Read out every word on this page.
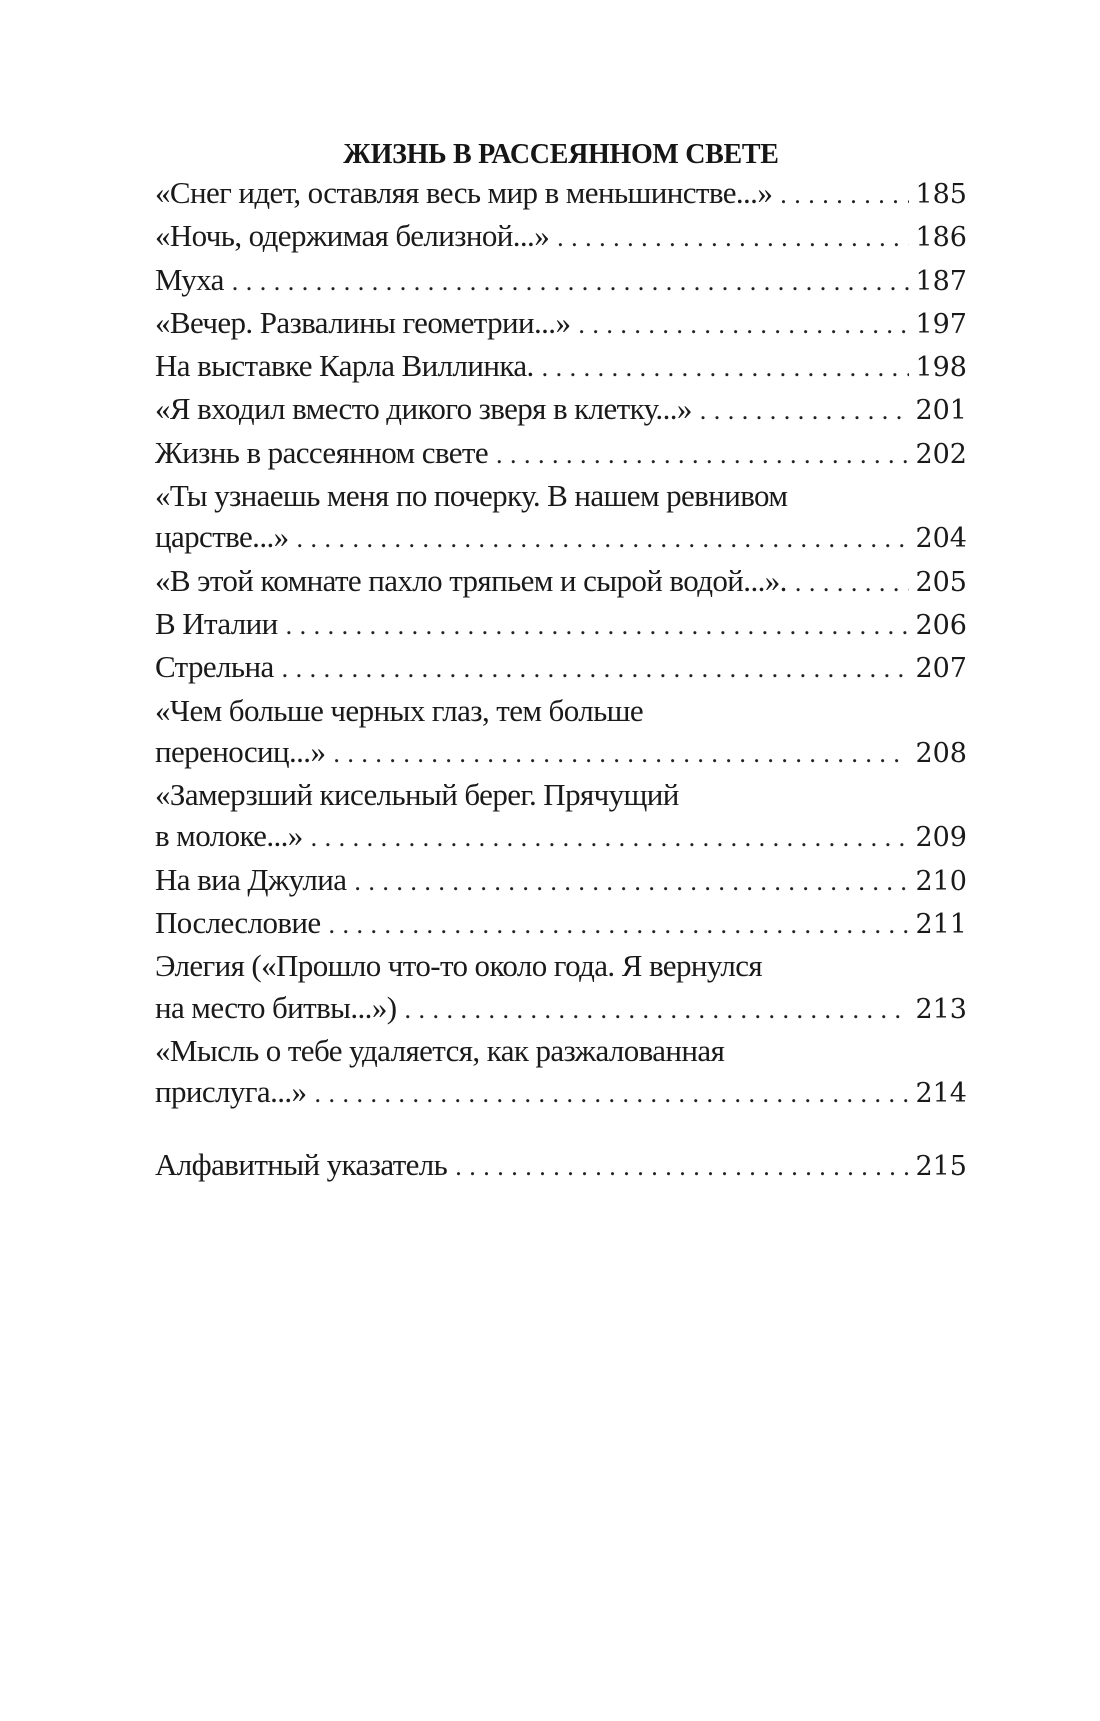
ЖИЗНЬ В РАССЕЯННОМ СВЕТЕ
«Снег идет, оставляя весь мир в меньшинстве...» . . .	185
«Ночь, одержимая белизной...» . . .	186
Муха . . .	187
«Вечер. Развалины геометрии...» . . .	197
На выставке Карла Виллинка. . . .	198
«Я входил вместо дикого зверя в клетку...» . . .	201
Жизнь в рассеянном свете . . .	202
«Ты узнаешь меня по почерку. В нашем ревнивом
царстве...» . . .	204
«В этой комнате пахло тряпьем и сырой водой...». . . .	205
В Италии . . .	206
Стрельна . . .	207
«Чем больше черных глаз, тем больше
переносиц...» . . .	208
«Замерзший кисельный берег. Прячущий
в молоке...» . . .	209
На виа Джулиа . . .	210
Послесловие . . .	211
Элегия («Прошло что-то около года. Я вернулся
на место битвы...») . . .	213
«Мысль о тебе удаляется, как разжалованная
прислуга...» . . .	214
Алфавитный указатель . . .	215
